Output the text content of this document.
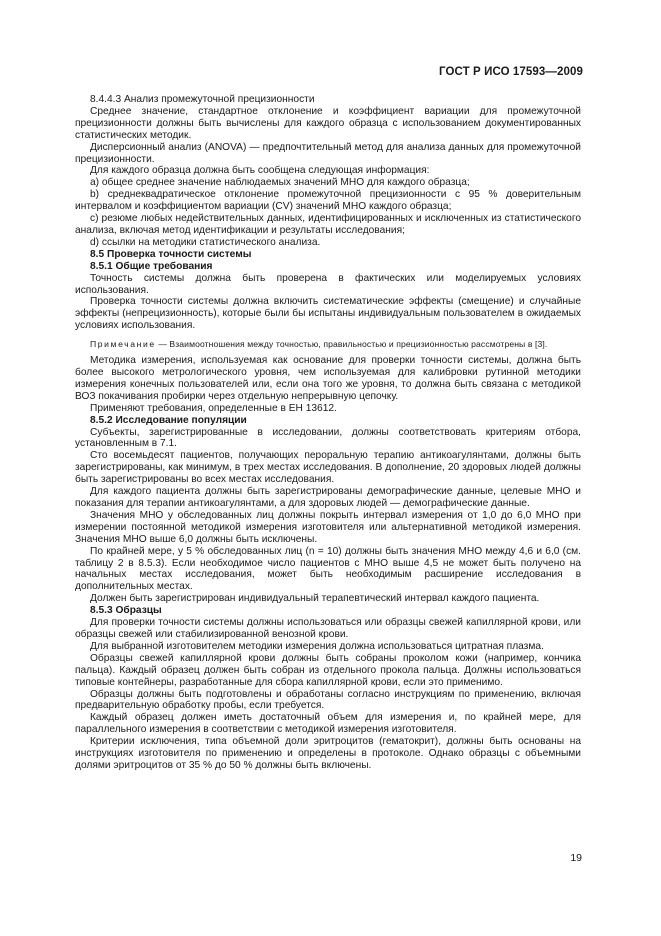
ГОСТ Р ИСО 17593—2009

8.4.4.3 Анализ промежуточной прецизионности

Среднее значение, стандартное отклонение и коэффициент вариации для промежуточной прецизионности должны быть вычислены для каждого образца с использованием документированных статистических методик.

Дисперсионный анализ (ANOVA) — предпочтительный метод для анализа данных для промежуточной прецизионности.

Для каждого образца должна быть сообщена следующая информация:

a) общее среднее значение наблюдаемых значений МНО для каждого образца;

b) среднеквадратическое отклонение промежуточной прецизионности с 95 % доверительным интервалом и коэффициентом вариации (CV) значений МНО каждого образца;

c) резюме любых недействительных данных, идентифицированных и исключенных из статистического анализа, включая метод идентификации и результаты исследования;

d) ссылки на методики статистического анализа.

8.5 Проверка точности системы

8.5.1 Общие требования

Точность системы должна быть проверена в фактических или моделируемых условиях использования.

Проверка точности системы должна включить систематические эффекты (смещение) и случайные эффекты (непрецизионность), которые были бы испытаны индивидуальным пользователем в ожидаемых условиях использования.

Примечание — Взаимоотношения между точностью, правильностью и прецизионностью рассмотрены в [3].

Методика измерения, используемая как основание для проверки точности системы, должна быть более высокого метрологического уровня, чем используемая для калибровки рутинной методики измерения конечных пользователей или, если она того же уровня, то должна быть связана с методикой ВОЗ покачивания пробирки через отдельную непрерывную цепочку.

Применяют требования, определенные в ЕН 13612.

8.5.2 Исследование популяции

Субъекты, зарегистрированные в исследовании, должны соответствовать критериям отбора, установленным в 7.1.

Сто восемьдесят пациентов, получающих пероральную терапию антикоагулянтами, должны быть зарегистрированы, как минимум, в трех местах исследования. В дополнение, 20 здоровых людей должны быть зарегистрированы во всех местах исследования.

Для каждого пациента должны быть зарегистрированы демографические данные, целевые МНО и показания для терапии антикоагулянтами, а для здоровых людей — демографические данные.

Значения МНО у обследованных лиц должны покрыть интервал измерения от 1,0 до 6,0 МНО при измерении постоянной методикой измерения изготовителя или альтернативной методикой измерения. Значения МНО выше 6,0 должны быть исключены.

По крайней мере, у 5 % обследованных лиц (n = 10) должны быть значения МНО между 4,6 и 6,0 (см. таблицу 2 в 8.5.3). Если необходимое число пациентов с МНО выше 4,5 не может быть получено на начальных местах исследования, может быть необходимым расширение исследования в дополнительных местах.

Должен быть зарегистрирован индивидуальный терапевтический интервал каждого пациента.

8.5.3 Образцы

Для проверки точности системы должны использоваться или образцы свежей капиллярной крови, или образцы свежей или стабилизированной венозной крови.

Для выбранной изготовителем методики измерения должна использоваться цитратная плазма.

Образцы свежей капиллярной крови должны быть собраны проколом кожи (например, кончика пальца). Каждый образец должен быть собран из отдельного прокола пальца. Должны использоваться типовые контейнеры, разработанные для сбора капиллярной крови, если это применимо.

Образцы должны быть подготовлены и обработаны согласно инструкциям по применению, включая предварительную обработку пробы, если требуется.

Каждый образец должен иметь достаточный объем для измерения и, по крайней мере, для параллельного измерения в соответствии с методикой измерения изготовителя.

Критерии исключения, типа объемной доли эритроцитов (гематокрит), должны быть основаны на инструкциях изготовителя по применению и определены в протоколе. Однако образцы с объемными долями эритроцитов от 35 % до 50 % должны быть включены.

19
